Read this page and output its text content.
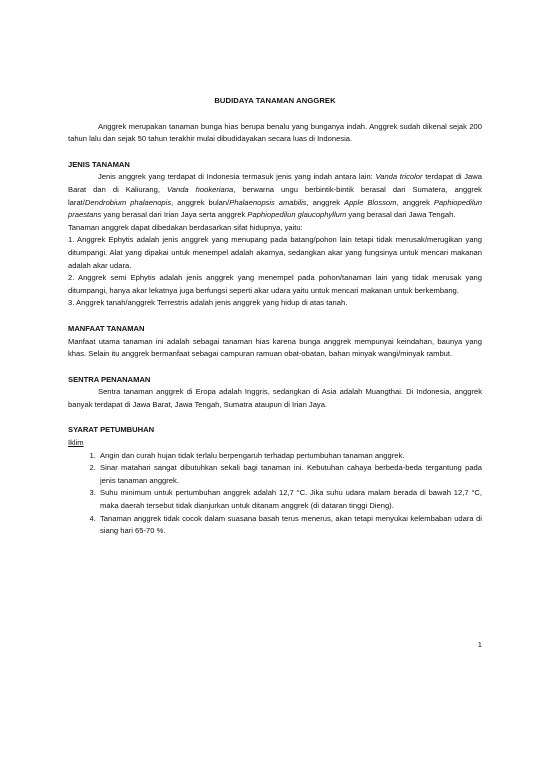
BUDIDAYA TANAMAN ANGGREK

Anggrek merupakan tanaman bunga hias berupa benalu yang bunganya indah. Anggrek sudah dikenal sejak 200 tahun lalu dan sejak 50 tahun terakhir mulai dibudidayakan secara luas di Indonesia.

JENIS TANAMAN

Jenis anggrek yang terdapat di Indonesia termasuk jenis yang indah antara lain: Vanda tricolor terdapat di Jawa Barat dan di Kaliurang, Vanda hookeriana, berwarna ungu berbintik-bintik berasal dari Sumatera, anggrek larat/Dendrobium phalaenopis, anggrek bulan/Phalaenopsis amabilis, anggrek Apple Blossom, anggrek Paphiopedilun praestans yang berasal dari Irian Jaya serta anggrek Paphiopedilun glaucophyllum yang berasal dari Jawa Tengah.

Tanaman anggrek dapat dibedakan berdasarkan sifat hidupnya, yaitu:

1. Anggrek Ephytis adalah jenis anggrek yang menupang pada batang/pohon lain tetapi tidak merusak/merugikan yang ditumpangi. Alat yang dipakai untuk menempel adalah akarnya, sedangkan akar yang fungsinya untuk mencari makanan adalah akar udara.

2. Anggrek semi Ephytis adalah jenis anggrek yang menempel pada pohon/tanaman lain yang tidak merusak yang ditumpangi, hanya akar lekatnya juga berfungsi seperti akar udara yaitu untuk mencari makanan untuk berkembang.

3. Anggrek tanah/anggrek Terrestris adalah jenis anggrek yang hidup di atas tanah.

MANFAAT TANAMAN

Manfaat utama tanaman ini adalah sebagai tanaman hias karena bunga anggrek mempunyai keindahan, baunya yang khas. Selain itu anggrek bermanfaat sebagai campuran ramuan obat-obatan, bahan minyak wangi/minyak rambut.

SENTRA PENANAMAN

Sentra tanaman anggrek di Eropa adalah Inggris, sedangkan di Asia adalah Muangthai. Di Indonesia, anggrek banyak terdapat di Jawa Barat, Jawa Tengah, Sumatra ataupun di Irian Jaya.

SYARAT PETUMBUHAN

Iklim

1. Angin dan curah hujan tidak terlalu berpengaruh terhadap pertumbuhan tanaman anggrek.
2. Sinar matahari sangat dibutuhkan sekali bagi tanaman ini. Kebutuhan cahaya berbeda-beda tergantung pada jenis tanaman anggrek.
3. Suhu minimum untuk pertumbuhan anggrek adalah 12,7 °C. Jika suhu udara malam berada di bawah 12,7 °C, maka daerah tersebut tidak dianjurkan untuk ditanam anggrek (di dataran tinggi Dieng).
4. Tanaman anggrek tidak cocok dalam suasana basah terus menerus, akan tetapi menyukai kelembaban udara di siang hari 65-70 %.
1
